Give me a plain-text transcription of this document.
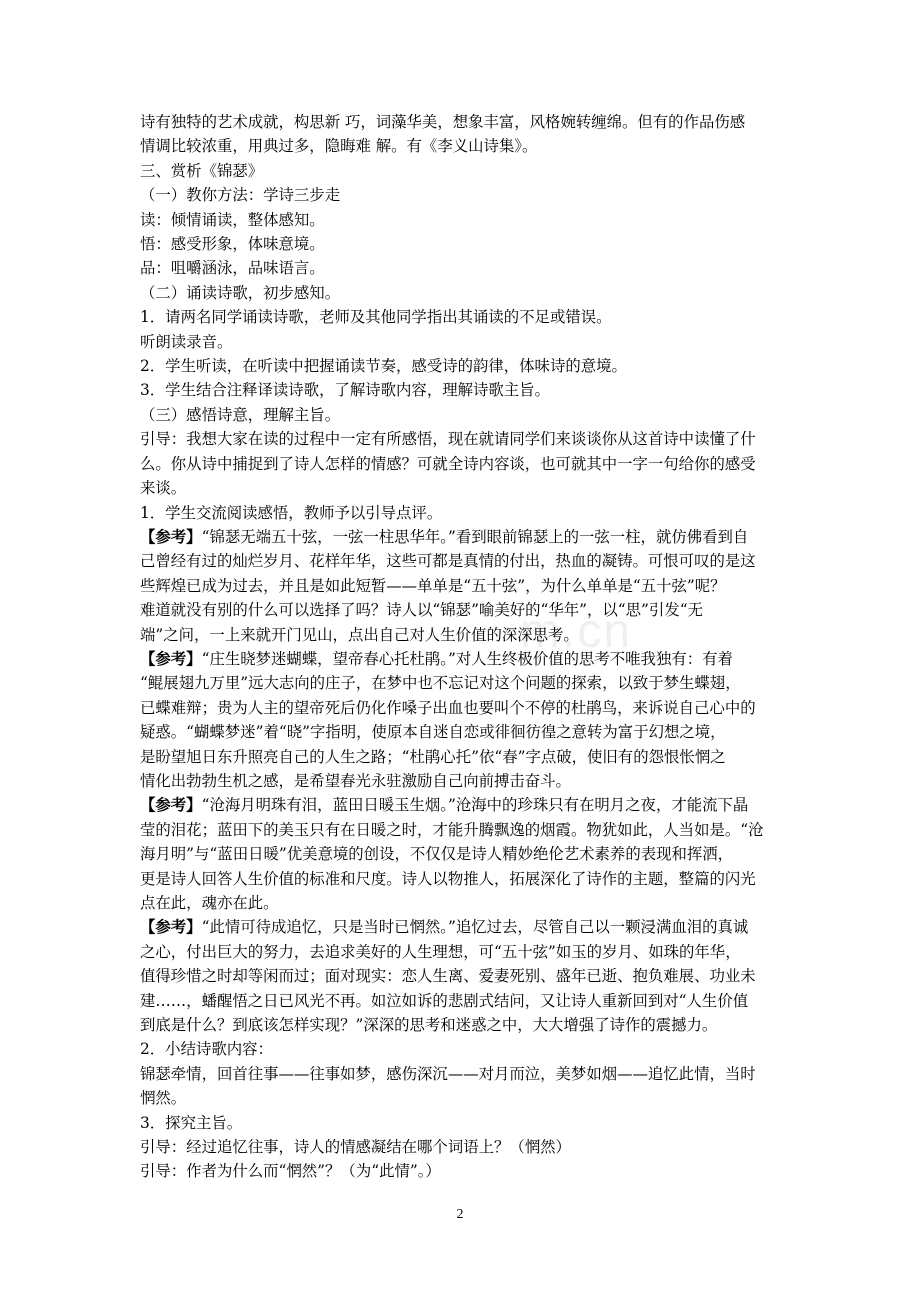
诗有独特的艺术成就，构思新 巧，词藻华美，想象丰富，风格婉转缠绵。但有的作品伤感
情调比较浓重，用典过多，隐晦难 解。有《李义山诗集》。
三、赏析《锦瑟》
（一）教你方法：学诗三步走
读：倾情诵读，整体感知。
悟：感受形象，体味意境。
品：咀嚼涵泳，品味语言。
（二）诵读诗歌，初步感知。
1．请两名同学诵读诗歌，老师及其他同学指出其诵读的不足或错误。
听朗读录音。
2．学生听读，在听读中把握诵读节奏，感受诗的韵律，体味诗的意境。
3．学生结合注释译读诗歌，了解诗歌内容，理解诗歌主旨。
（三）感悟诗意，理解主旨。
引导：我想大家在读的过程中一定有所感悟，现在就请同学们来谈谈你从这首诗中读懂了什
么。你从诗中捕捉到了诗人怎样的情感？可就全诗内容谈，也可就其中一字一句给你的感受
来谈。
1．学生交流阅读感悟，教师予以引导点评。
【参考】“锦瑟无端五十弦，一弦一柱思华年。”看到眼前锦瑟上的一弦一柱，就仿佛看到自
己曾经有过的灿烂岁月、花样年华，这些可都是真情的付出，热血的凝铸。可恨可叹的是这
些辉煌已成为过去，并且是如此短暂——单单是“五十弦”，为什么单单是“五十弦”呢？
难道就没有别的什么可以选择了吗？诗人以“锦瑟”喻美好的“华年”，以“思”引发“无
端”之问，一上来就开门见山，点出自己对人生价值的深深思考。
【参考】“庄生晓梦迷蝴蝶，望帝春心托杜鹃。”对人生终极价值的思考不唯我独有：有着
“鲲展翅九万里”远大志向的庄子，在梦中也不忘记对这个问题的探索，以致于梦生蝶翅，
已蝶难辩；贵为人主的望帝死后仍化作嗓子出血也要叫个不停的杜鹃鸟，来诉说自己心中的
疑惑。“蝴蝶梦迷”着“晓”字指明，使原本自迷自恋或徘徊彷徨之意转为富于幻想之境，
是盼望旭日东升照亮自己的人生之路；“杜鹃心托”依“春”字点破，使旧有的怨恨怅惘之
情化出勃勃生机之感，是希望春光永驻激励自己向前搏击奋斗。
【参考】“沧海月明珠有泪，蓝田日暖玉生烟。”沧海中的珍珠只有在明月之夜，才能流下晶
莹的泪花；蓝田下的美玉只有在日暖之时，才能升腾飘逸的烟霞。物犹如此，人当如是。“沧
海月明”与“蓝田日暖”优美意境的创设，不仅仅是诗人精妙绝伦艺术素养的表现和挥洒，
更是诗人回答人生价值的标准和尺度。诗人以物推人，拓展深化了诗作的主题，整篇的闪光
点在此，魂亦在此。
【参考】“此情可待成追忆，只是当时已惘然。”追忆过去，尽管自己以一颗浸满血泪的真诚
之心，付出巨大的努力，去追求美好的人生理想，可“五十弦”如玉的岁月、如珠的年华，
值得珍惜之时却等闲而过；面对现实：恋人生离、爱妻死别、盛年已逝、抱负难展、功业未
建……，蟠醒悟之日已风光不再。如泣如诉的悲剧式结问，又让诗人重新回到对“人生价值
到底是什么？到底该怎样实现？”深深的思考和迷惑之中，大大增强了诗作的震撼力。
2．小结诗歌内容：
锦瑟牵情，回首往事——往事如梦，感伤深沉——对月而泣，美梦如烟——追忆此情，当时
惘然。
3．探究主旨。
引导：经过追忆往事，诗人的情感凝结在哪个词语上？（惘然）
引导：作者为什么而“惘然”？（为“此情”。）
m.cn
2
